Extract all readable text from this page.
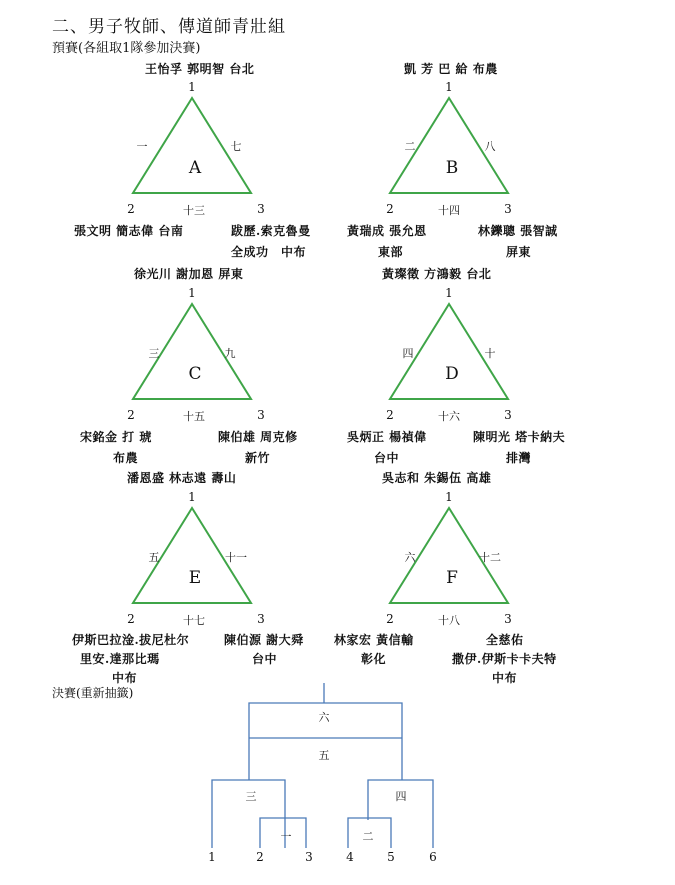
二、男子牧師、傳道師青壯組
預賽(各組取1隊參加決賽)
王怡孚 郭明智 台北
1
一	七
A
2	十三	3
張文明 簡志偉 台南	跋歷.索克魯曼
全成功　中布
凱 芳 巴 給 布農
1
二	八
B
2	十四	3
黃瑞成 張允恩
東部
林鑠聰 張智誠
屏東
徐光川 謝加恩 屏東
1
三	九
C
2	十五	3
宋銘金 打 琥
布農
陳伯雄 周克修
新竹
黃璨徵 方鴻毅 台北
1
四	十
D
2	十六	3
吳炳正 楊禎偉
台中
陳明光 塔卡納夫
排灣
潘恩盛 林志遠 壽山
1
五	十一
E
2	十七	3
伊斯巴拉淦.拔尼杜尔
里安.達那比瑪
中布
陳伯源 謝大舜
台中
吳志和 朱錫伍 高雄
1
六	十二
F
2	十八	3
林家宏 黃信輸
彰化
全慈佑
撒伊.伊斯卡卡夫特
中布
決賽(重新抽籤)
六
五
三	四
一	二
1	2	3	4	5	6
